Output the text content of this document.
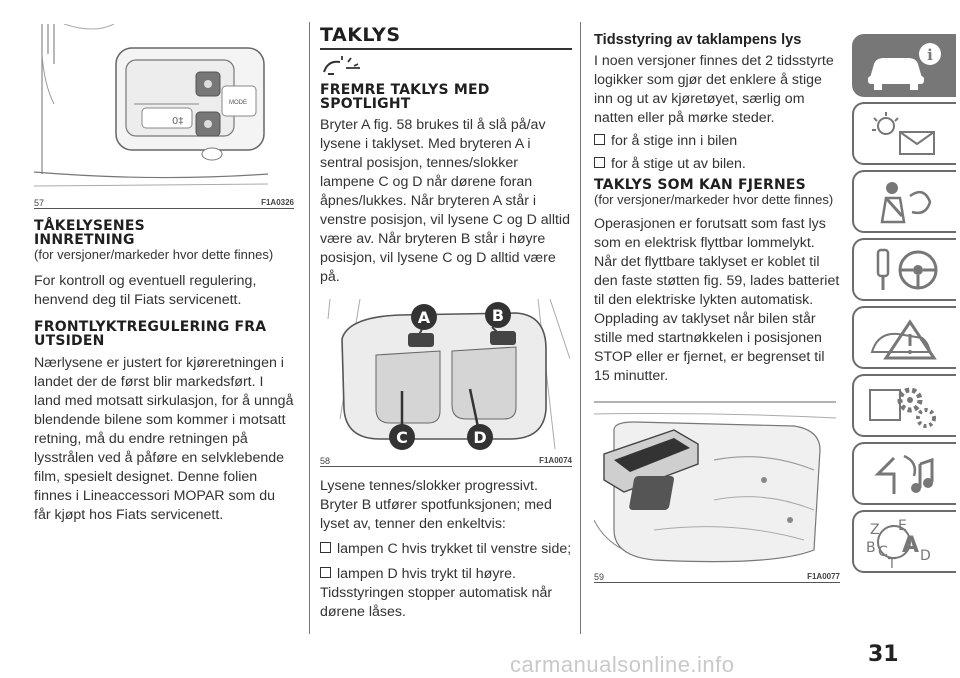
MODE
0‡
57	F1A0326
TÅKELYSENES INNRETNING

(for versjoner/markeder hvor dette finnes)

For kontroll og eventuell regulering, henvend deg til Fiats servicenett.

FRONTLYKTREGULERING FRA UTSIDEN

Nærlysene er justert for kjøreretningen i landet der de først blir markedsført. I land med motsatt sirkulasjon, for å unngå blendende bilene som kommer i motsatt retning, må du endre retningen på lysstrålen ved å påføre en selvklebende film, spesielt designet. Denne folien finnes i Lineaccessori MOPAR som du får kjøpt hos Fiats servicenett.

TAKLYS
FREMRE TAKLYS MED SPOTLIGHT

Bryter A fig. 58 brukes til å slå på/av lysene i taklyset. Med bryteren A i sentral posisjon, tennes/slokker lampene C og D når dørene foran åpnes/lukkes. Når bryteren A står i venstre posisjon, vil lysene C og D alltid være av. Når bryteren B står i høyre posisjon, vil lysene C og D alltid være på.

A	B
C	D
58	F1A0074

Lysene tennes/slokker progressivt. Bryter B utfører spotfunksjonen; med lyset av, tenner den enkeltvis:

lampen C hvis trykket til venstre side;

lampen D hvis trykt til høyre.

Tidsstyringen stopper automatisk når dørene låses.

Tidsstyring av taklampens lys

I noen versjoner finnes det 2 tidsstyrte logikker som gjør det enklere å stige inn og ut av kjøretøyet, særlig om natten eller på mørke steder.

for å stige inn i bilen

for å stige ut av bilen.

TAKLYS SOM KAN FJERNES

(for versjoner/markeder hvor dette finnes)

Operasjonen er forutsatt som fast lys som en elektrisk flyttbar lommelykt. Når det flyttbare taklyset er koblet til den faste støtten fig. 59, lades batteriet til den elektriske lykten automatisk. Opplading av taklyset når bilen står stille med startnøkkelen i posisjonen STOP eller er fjernet, er begrenset til 15 minutter.

59	F1A0077
i
Z E
B A
C D
T
carmanualsonline.info	31
